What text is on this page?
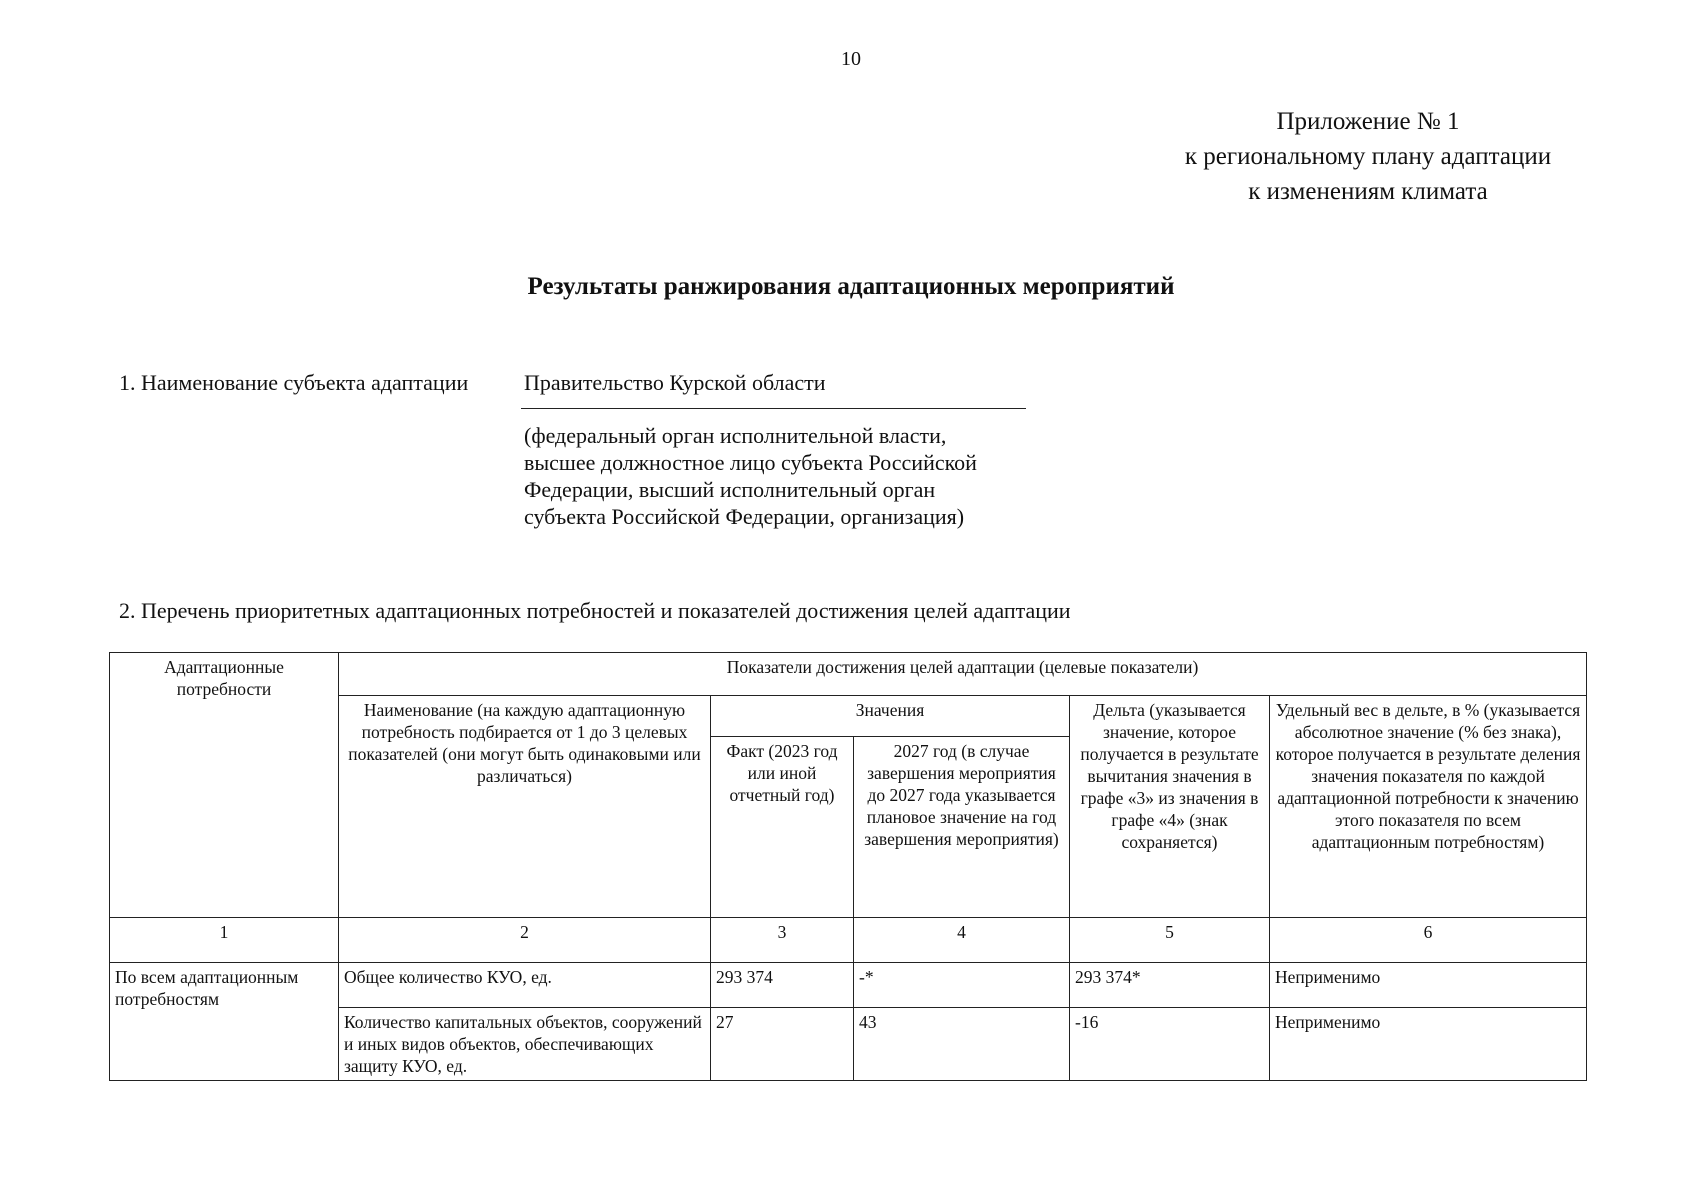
10
Приложение № 1
к региональному плану адаптации
к изменениям климата
Результаты ранжирования адаптационных мероприятий
1. Наименование субъекта адаптации	Правительство Курской области
(федеральный орган исполнительной власти, высшее должностное лицо субъекта Российской Федерации, высший исполнительный орган субъекта Российской Федерации, организация)
2. Перечень приоритетных адаптационных потребностей и показателей достижения целей адаптации
Адаптационные потребности	Показатели достижения целей адаптации (целевые показатели)				
	Наименование (на каждую адаптационную потребность подбирается от 1 до 3 целевых показателей (они могут быть одинаковыми или различаться)	Значения		Дельта (указывается значение, которое получается в результате вычитания значения в графе «3» из значения в графе «4» (знак сохраняется)	Удельный вес в дельте, в % (указывается абсолютное значение (% без знака), которое получается в результате деления значения показателя по каждой адаптационной потребности к значению этого показателя по всем адаптационным потребностям)
		Факт (2023 год или иной отчетный год)	2027 год (в случае завершения мероприятия до 2027 года указывается плановое значение на год завершения мероприятия)		
1	2	3	4	5	6
По всем адаптационным потребностям	Общее количество КУО, ед.	293 374	-*	293 374*	Неприменимо
	Количество капитальных объектов, сооружений и иных видов объектов, обеспечивающих защиту КУО, ед.	27	43	-16	Неприменимо
